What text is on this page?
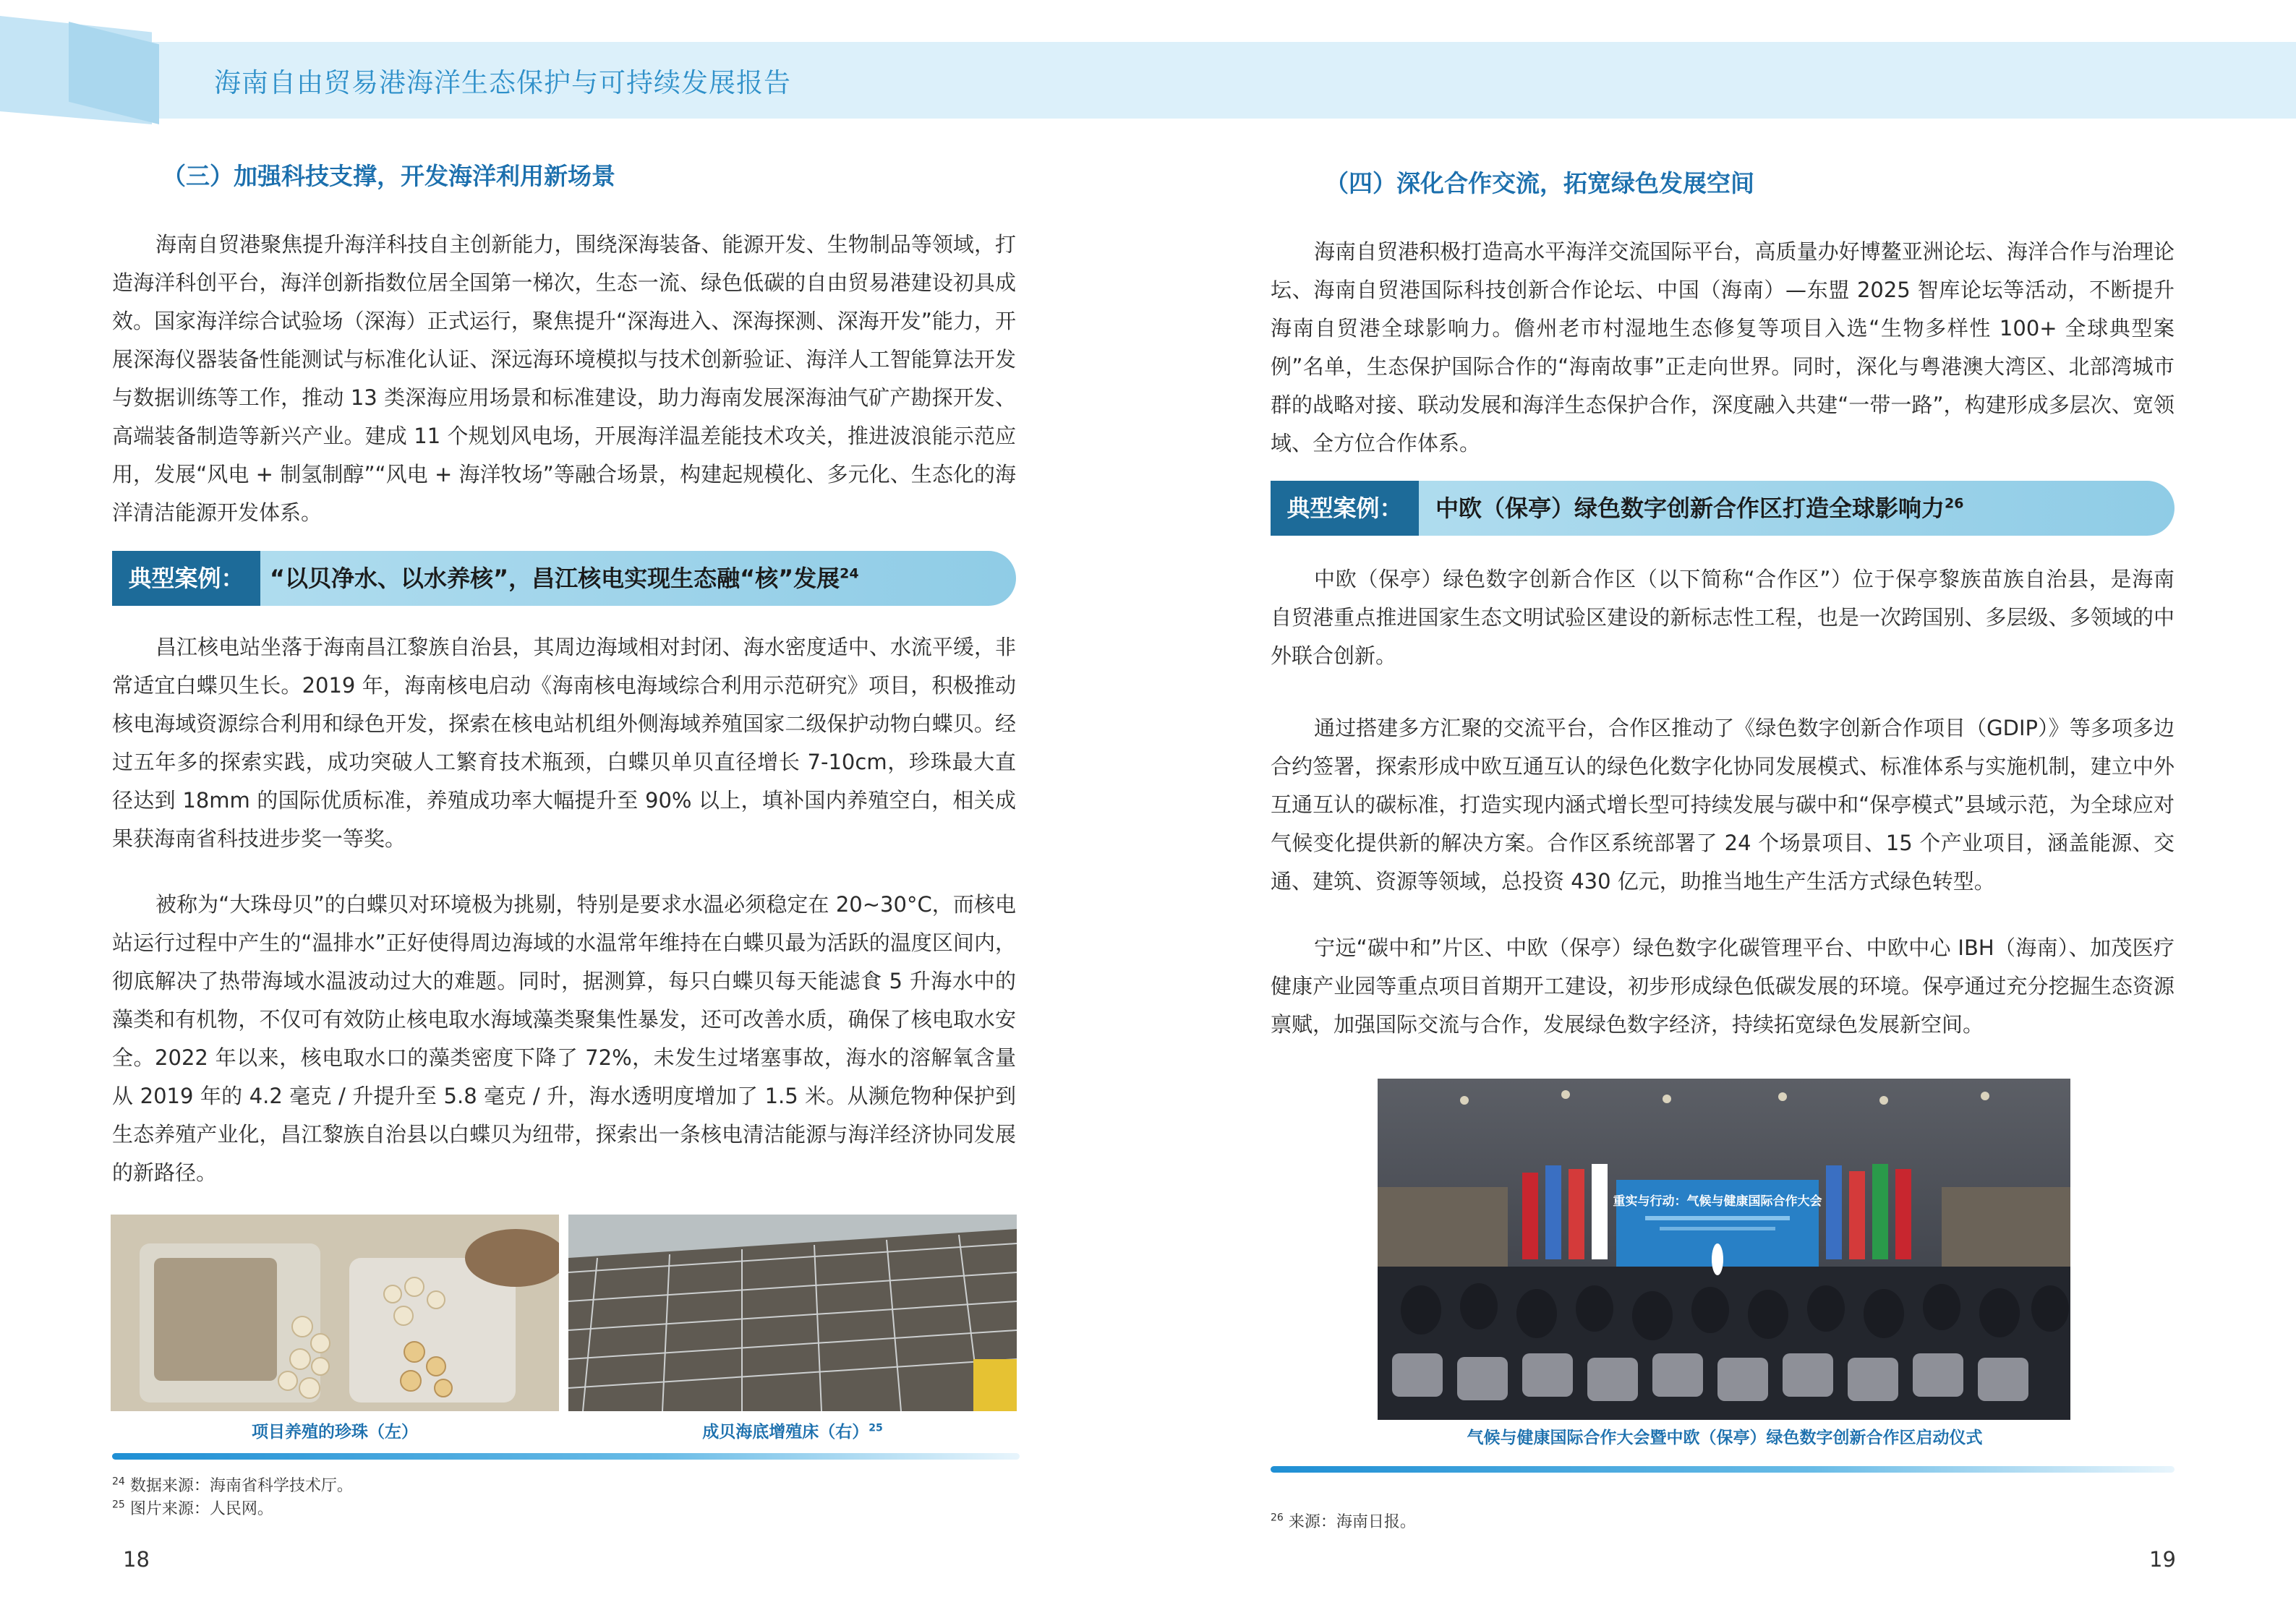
海南自由贸易港海洋生态保护与可持续发展报告
（三）加强科技支撑，开发海洋利用新场景

海南自贸港聚焦提升海洋科技自主创新能力，围绕深海装备、能源开发、生物制品等领域，打造海洋科创平台，海洋创新指数位居全国第一梯次，生态一流、绿色低碳的自由贸易港建设初具成效。国家海洋综合试验场（深海）正式运行，聚焦提升“深海进入、深海探测、深海开发”能力，开展深海仪器装备性能测试与标准化认证、深远海环境模拟与技术创新验证、海洋人工智能算法开发与数据训练等工作，推动 13 类深海应用场景和标准建设，助力海南发展深海油气矿产勘探开发、高端装备制造等新兴产业。建成 11 个规划风电场，开展海洋温差能技术攻关，推进波浪能示范应用，发展“风电 + 制氢制醇”“风电 + 海洋牧场”等融合场景，构建起规模化、多元化、生态化的海洋清洁能源开发体系。

典型案例：	“以贝净水、以水养核”，昌江核电实现生态融“核”发展$^{24}$

昌江核电站坐落于海南昌江黎族自治县，其周边海域相对封闭、海水密度适中、水流平缓，非常适宜白蝶贝生长。2019 年，海南核电启动《海南核电海域综合利用示范研究》项目，积极推动核电海域资源综合利用和绿色开发，探索在核电站机组外侧海域养殖国家二级保护动物白蝶贝。经过五年多的探索实践，成功突破人工繁育技术瓶颈，白蝶贝单贝直径增长 7-10cm，珍珠最大直径达到 18mm 的国际优质标准，养殖成功率大幅提升至 90% 以上，填补国内养殖空白，相关成果获海南省科技进步奖一等奖。

被称为“大珠母贝”的白蝶贝对环境极为挑剔，特别是要求水温必须稳定在 20~30°C，而核电站运行过程中产生的“温排水”正好使得周边海域的水温常年维持在白蝶贝最为活跃的温度区间内，彻底解决了热带海域水温波动过大的难题。同时，据测算，每只白蝶贝每天能滤食 5 升海水中的藻类和有机物，不仅可有效防止核电取水海域藻类聚集性暴发，还可改善水质，确保了核电取水安全。2022 年以来，核电取水口的藻类密度下降了 72%，未发生过堵塞事故，海水的溶解氧含量从 2019 年的 4.2 毫克 / 升提升至 5.8 毫克 / 升，海水透明度增加了 1.5 米。从濒危物种保护到生态养殖产业化，昌江黎族自治县以白蝶贝为纽带，探索出一条核电清洁能源与海洋经济协同发展的新路径。

项目养殖的珍珠（左）	成贝海底增殖床（右）$^{25}$
$^{24}$ 数据来源：海南省科学技术厅。
$^{25}$ 图片来源：人民网。
18
（四）深化合作交流，拓宽绿色发展空间

海南自贸港积极打造高水平海洋交流国际平台，高质量办好博鳌亚洲论坛、海洋合作与治理论坛、海南自贸港国际科技创新合作论坛、中国（海南）—东盟 2025 智库论坛等活动，不断提升海南自贸港全球影响力。儋州老市村湿地生态修复等项目入选“生物多样性 100+ 全球典型案例”名单，生态保护国际合作的“海南故事”正走向世界。同时，深化与粤港澳大湾区、北部湾城市群的战略对接、联动发展和海洋生态保护合作，深度融入共建“一带一路”，构建形成多层次、宽领域、全方位合作体系。

典型案例：	中欧（保亭）绿色数字创新合作区打造全球影响力$^{26}$

中欧（保亭）绿色数字创新合作区（以下简称“合作区”）位于保亭黎族苗族自治县，是海南自贸港重点推进国家生态文明试验区建设的新标志性工程，也是一次跨国别、多层级、多领域的中外联合创新。

通过搭建多方汇聚的交流平台，合作区推动了《绿色数字创新合作项目（GDIP）》等多项多边合约签署，探索形成中欧互通互认的绿色化数字化协同发展模式、标准体系与实施机制，建立中外互通互认的碳标准，打造实现内涵式增长型可持续发展与碳中和“保亭模式”县域示范，为全球应对气候变化提供新的解决方案。合作区系统部署了 24 个场景项目、15 个产业项目，涵盖能源、交通、建筑、资源等领域，总投资 430 亿元，助推当地生产生活方式绿色转型。

宁远“碳中和”片区、中欧（保亭）绿色数字化碳管理平台、中欧中心 IBH（海南）、加茂医疗健康产业园等重点项目首期开工建设，初步形成绿色低碳发展的环境。保亭通过充分挖掘生态资源禀赋，加强国际交流与合作，发展绿色数字经济，持续拓宽绿色发展新空间。

重实与行动：气候与健康国际合作大会
气候与健康国际合作大会暨中欧（保亭）绿色数字创新合作区启动仪式
$^{26}$ 来源：海南日报。
19
